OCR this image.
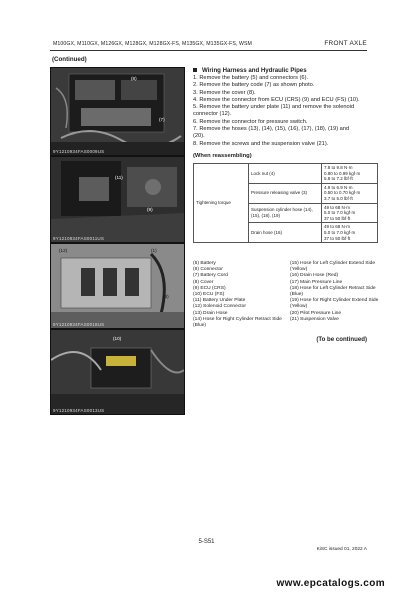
M100GX, M110GX, M126GX, M128GX, M128GX-FS, M135GX, M135GX-FS, WSM	FRONT AXLE
(Continued)
(7)
(8)
9Y1210934FAS0009US
(11)
(9)
9Y1210834FAS0011US
(12)	(1)
(8)
9Y1210934FAS0018US
(10)
9Y1210934FAS0013US
Wiring Harness and Hydraulic Pipes
1. Remove the battery (5) and connectors (6).
2. Remove the battery code (7) as shown photo.
3. Remove the cover (8).
4. Remove the connector from ECU (CRS) (9) and ECU (FS) (10).
5. Remove the battery under plate (11) and remove the solenoid
connector (12).
6. Remove the connector for pressure switch.
7. Remove the hoses (13), (14), (15), (16), (17), (18), (19) and
(20).
8. Remove the screws and the suspension valve (21).
(When reassembling)
Tightening torque	Lock nut (4)	7.8 to 9.8 N·m
0.80 to 0.99 kgf·m
5.8 to 7.2 lbf·ft

	Pressure releasing valve (3)	4.9 to 6.9 N·m
0.50 to 0.70 kgf·m
3.7 to 5.0 lbf·ft

	Suspension cylinder hose (14), (15), (18), (19)	49 to 68 N·m
5.0 to 7.0 kgf·m
37 to 50 lbf·ft

	Drain hose (16)	49 to 68 N·m
5.0 to 7.0 kgf·m
37 to 50 lbf·ft
(5) Battery
(6) Connector
(7) Battery Cord
(8) Cover
(9) ECU (CRS)
(10) ECU (FS)
(11) Battery Under Plate
(12) Solenoid Connector
(13) Drain Hose
(14) Hose for Right Cylinder Retract Side
(Blue)
(15) Hose for Left Cylinder Extend Side
(Yellow)
(16) Drain Hose (Red)
(17) Main Pressure Line
(18) Hose for Left Cylinder Retract Side
(Blue)
(19) Hose for Right Cylinder Extend Side
(Yellow)
(20) Pilot Pressure Line
(21) Suspension Valve
(To be continued)
5-S51
KiSC issued 01, 2022 A
www.epcatalogs.com
